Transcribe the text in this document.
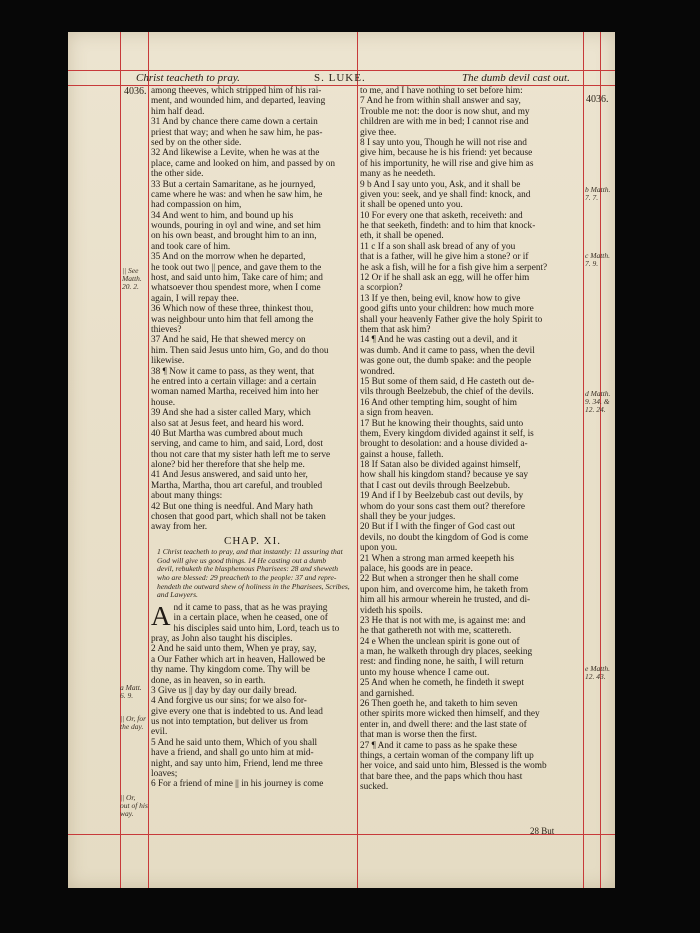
Christ teacheth to pray.	S. LUKE.	The dumb devil cast out.
4036.
4036.
among theeves, which stripped him of his rai-
ment, and wounded him, and departed, leaving
him half dead.
31 And by chance there came down a certain
priest that way; and when he saw him, he pas-
sed by on the other side.
32 And likewise a Levite, when he was at the
place, came and looked on him, and passed by on
the other side.
33 But a certain Samaritane, as he journyed,
came where he was: and when he saw him, he
had compassion on him,
34 And went to him, and bound up his
wounds, pouring in oyl and wine, and set him
on his own beast, and brought him to an inn,
and took care of him.
35 And on the morrow when he departed,
he took out two || pence, and gave them to the
host, and said unto him, Take care of him; and
whatsoever thou spendest more, when I come
again, I will repay thee.
36 Which now of these three, thinkest thou,
was neighbour unto him that fell among the
thieves?
37 And he said, He that shewed mercy on
him. Then said Jesus unto him, Go, and do thou
likewise.
38 ¶ Now it came to pass, as they went, that
he entred into a certain village: and a certain
woman named Martha, received him into her
house.
39 And she had a sister called Mary, which
also sat at Jesus feet, and heard his word.
40 But Martha was cumbred about much
serving, and came to him, and said, Lord, dost
thou not care that my sister hath left me to serve
alone? bid her therefore that she help me.
41 And Jesus answered, and said unto her,
Martha, Martha, thou art careful, and troubled
about many things:
42 But one thing is needful. And Mary hath
chosen that good part, which shall not be taken
away from her.
CHAP. XI.
1 Christ teacheth to pray, and that instantly: 11 assuring that
God will give us good things. 14 He casting out a dumb
devil, rebuketh the blasphemous Pharisees: 28 and sheweth
who are blessed: 29 preacheth to the people: 37 and repre-
hendeth the outward shew of holiness in the Pharisees, Scribes,
and Lawyers.
A nd it came to pass, that as he was praying
in a certain place, when he ceased, one of
his disciples said unto him, Lord, teach us to
pray, as John also taught his disciples.
2 And he said unto them, When ye pray, say,
a Our Father which art in heaven, Hallowed be
thy name. Thy kingdom come. Thy will be
done, as in heaven, so in earth.
3 Give us || day by day our daily bread.
4 And forgive us our sins; for we also for-
give every one that is indebted to us. And lead
us not into temptation, but deliver us from
evil.
5 And he said unto them, Which of you shall
have a friend, and shall go unto him at mid-
night, and say unto him, Friend, lend me three
loaves;
6 For a friend of mine || in his journey is come
to me, and I have nothing to set before him:
7 And he from within shall answer and say,
Trouble me not: the door is now shut, and my
children are with me in bed; I cannot rise and
give thee.
8 I say unto you, Though he will not rise and
give him, because he is his friend: yet because
of his importunity, he will rise and give him as
many as he needeth.
9 b And I say unto you, Ask, and it shall be
given you: seek, and ye shall find: knock, and
it shall be opened unto you.
10 For every one that asketh, receiveth: and
he that seeketh, findeth: and to him that knock-
eth, it shall be opened.
11 c If a son shall ask bread of any of you
that is a father, will he give him a stone? or if
he ask a fish, will he for a fish give him a serpent?
12 Or if he shall ask an egg, will he offer him
a scorpion?
13 If ye then, being evil, know how to give
good gifts unto your children: how much more
shall your heavenly Father give the holy Spirit to
them that ask him?
14 ¶ And he was casting out a devil, and it
was dumb. And it came to pass, when the devil
was gone out, the dumb spake: and the people
wondred.
15 But some of them said, d He casteth out de-
vils through Beelzebub, the chief of the devils.
16 And other tempting him, sought of him
a sign from heaven.
17 But he knowing their thoughts, said unto
them, Every kingdom divided against it self, is
brought to desolation: and a house divided a-
gainst a house, falleth.
18 If Satan also be divided against himself,
how shall his kingdom stand? because ye say
that I cast out devils through Beelzebub.
19 And if I by Beelzebub cast out devils, by
whom do your sons cast them out? therefore
shall they be your judges.
20 But if I with the finger of God cast out
devils, no doubt the kingdom of God is come
upon you.
21 When a strong man armed keepeth his
palace, his goods are in peace.
22 But when a stronger then he shall come
upon him, and overcome him, he taketh from
him all his armour wherein he trusted, and di-
videth his spoils.
23 He that is not with me, is against me: and
he that gathereth not with me, scattereth.
24 e When the unclean spirit is gone out of
a man, he walketh through dry places, seeking
rest: and finding none, he saith, I will return
unto my house whence I came out.
25 And when he cometh, he findeth it swept
and garnished.
26 Then goeth he, and taketh to him seven
other spirits more wicked then himself, and they
enter in, and dwell there: and the last state of
that man is worse then the first.
27 ¶ And it came to pass as he spake these
things, a certain woman of the company lift up
her voice, and said unto him, Blessed is the womb
that bare thee, and the paps which thou hast
sucked.
|| See
Matth.
20. 2.
a Matt.
6. 9.
|| Or, for
the day.
|| Or,
out of his
way.
b Matth.
7. 7.
c Matth.
7. 9.
d Matth.
9. 34. &
12. 24.
e Matth.
12. 43.
28 But
